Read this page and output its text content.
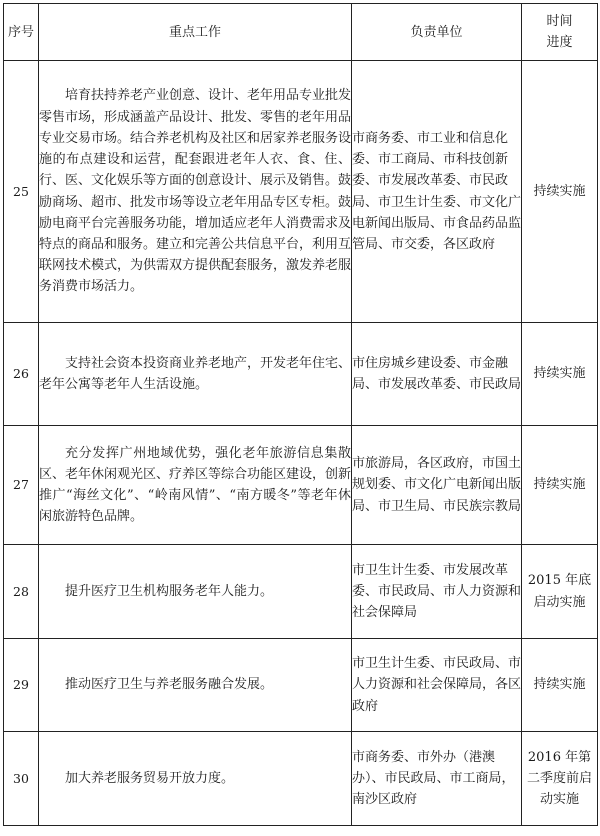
序号	重点工作	负责单位	时间
进度

25	培育扶持养老产业创意、设计、老年用品专业批发零售市场，形成涵盖产品设计、批发、零售的老年用品专业交易市场。结合养老机构及社区和居家养老服务设施的布点建设和运营，配套跟进老年人衣、食、住、行、医、文化娱乐等方面的创意设计、展示及销售。鼓励商场、超市、批发市场等设立老年用品专区专柜。鼓励电商平台完善服务功能，增加适应老年人消费需求及特点的商品和服务。建立和完善公共信息平台，利用互联网技术模式，为供需双方提供配套服务，激发养老服务消费市场活力。	市商务委、市工业和信息化委、市工商局、市科技创新委、市发展改革委、市民政局、市卫生计生委、市文化广电新闻出版局、市食品药品监管局、市交委，各区政府	持续实施
26	支持社会资本投资商业养老地产，开发老年住宅、老年公寓等老年人生活设施。	市住房城乡建设委、市金融局、市发展改革委、市民政局	持续实施
27	充分发挥广州地域优势，强化老年旅游信息集散区、老年休闲观光区、疗养区等综合功能区建设，创新推广“海丝文化”、“岭南风情”、“南方暖冬”等老年休闲旅游特色品牌。	市旅游局，各区政府，市国土规划委、市文化广电新闻出版局、市卫生局、市民族宗教局	持续实施
28	提升医疗卫生机构服务老年人能力。	市卫生计生委、市发展改革委、市民政局、市人力资源和社会保障局	2015 年底启动实施
29	推动医疗卫生与养老服务融合发展。	市卫生计生委、市民政局、市人力资源和社会保障局，各区政府	持续实施
30	加大养老服务贸易开放力度。	市商务委、市外办（港澳办）、市民政局、市工商局，南沙区政府	2016 年第二季度前启动实施
